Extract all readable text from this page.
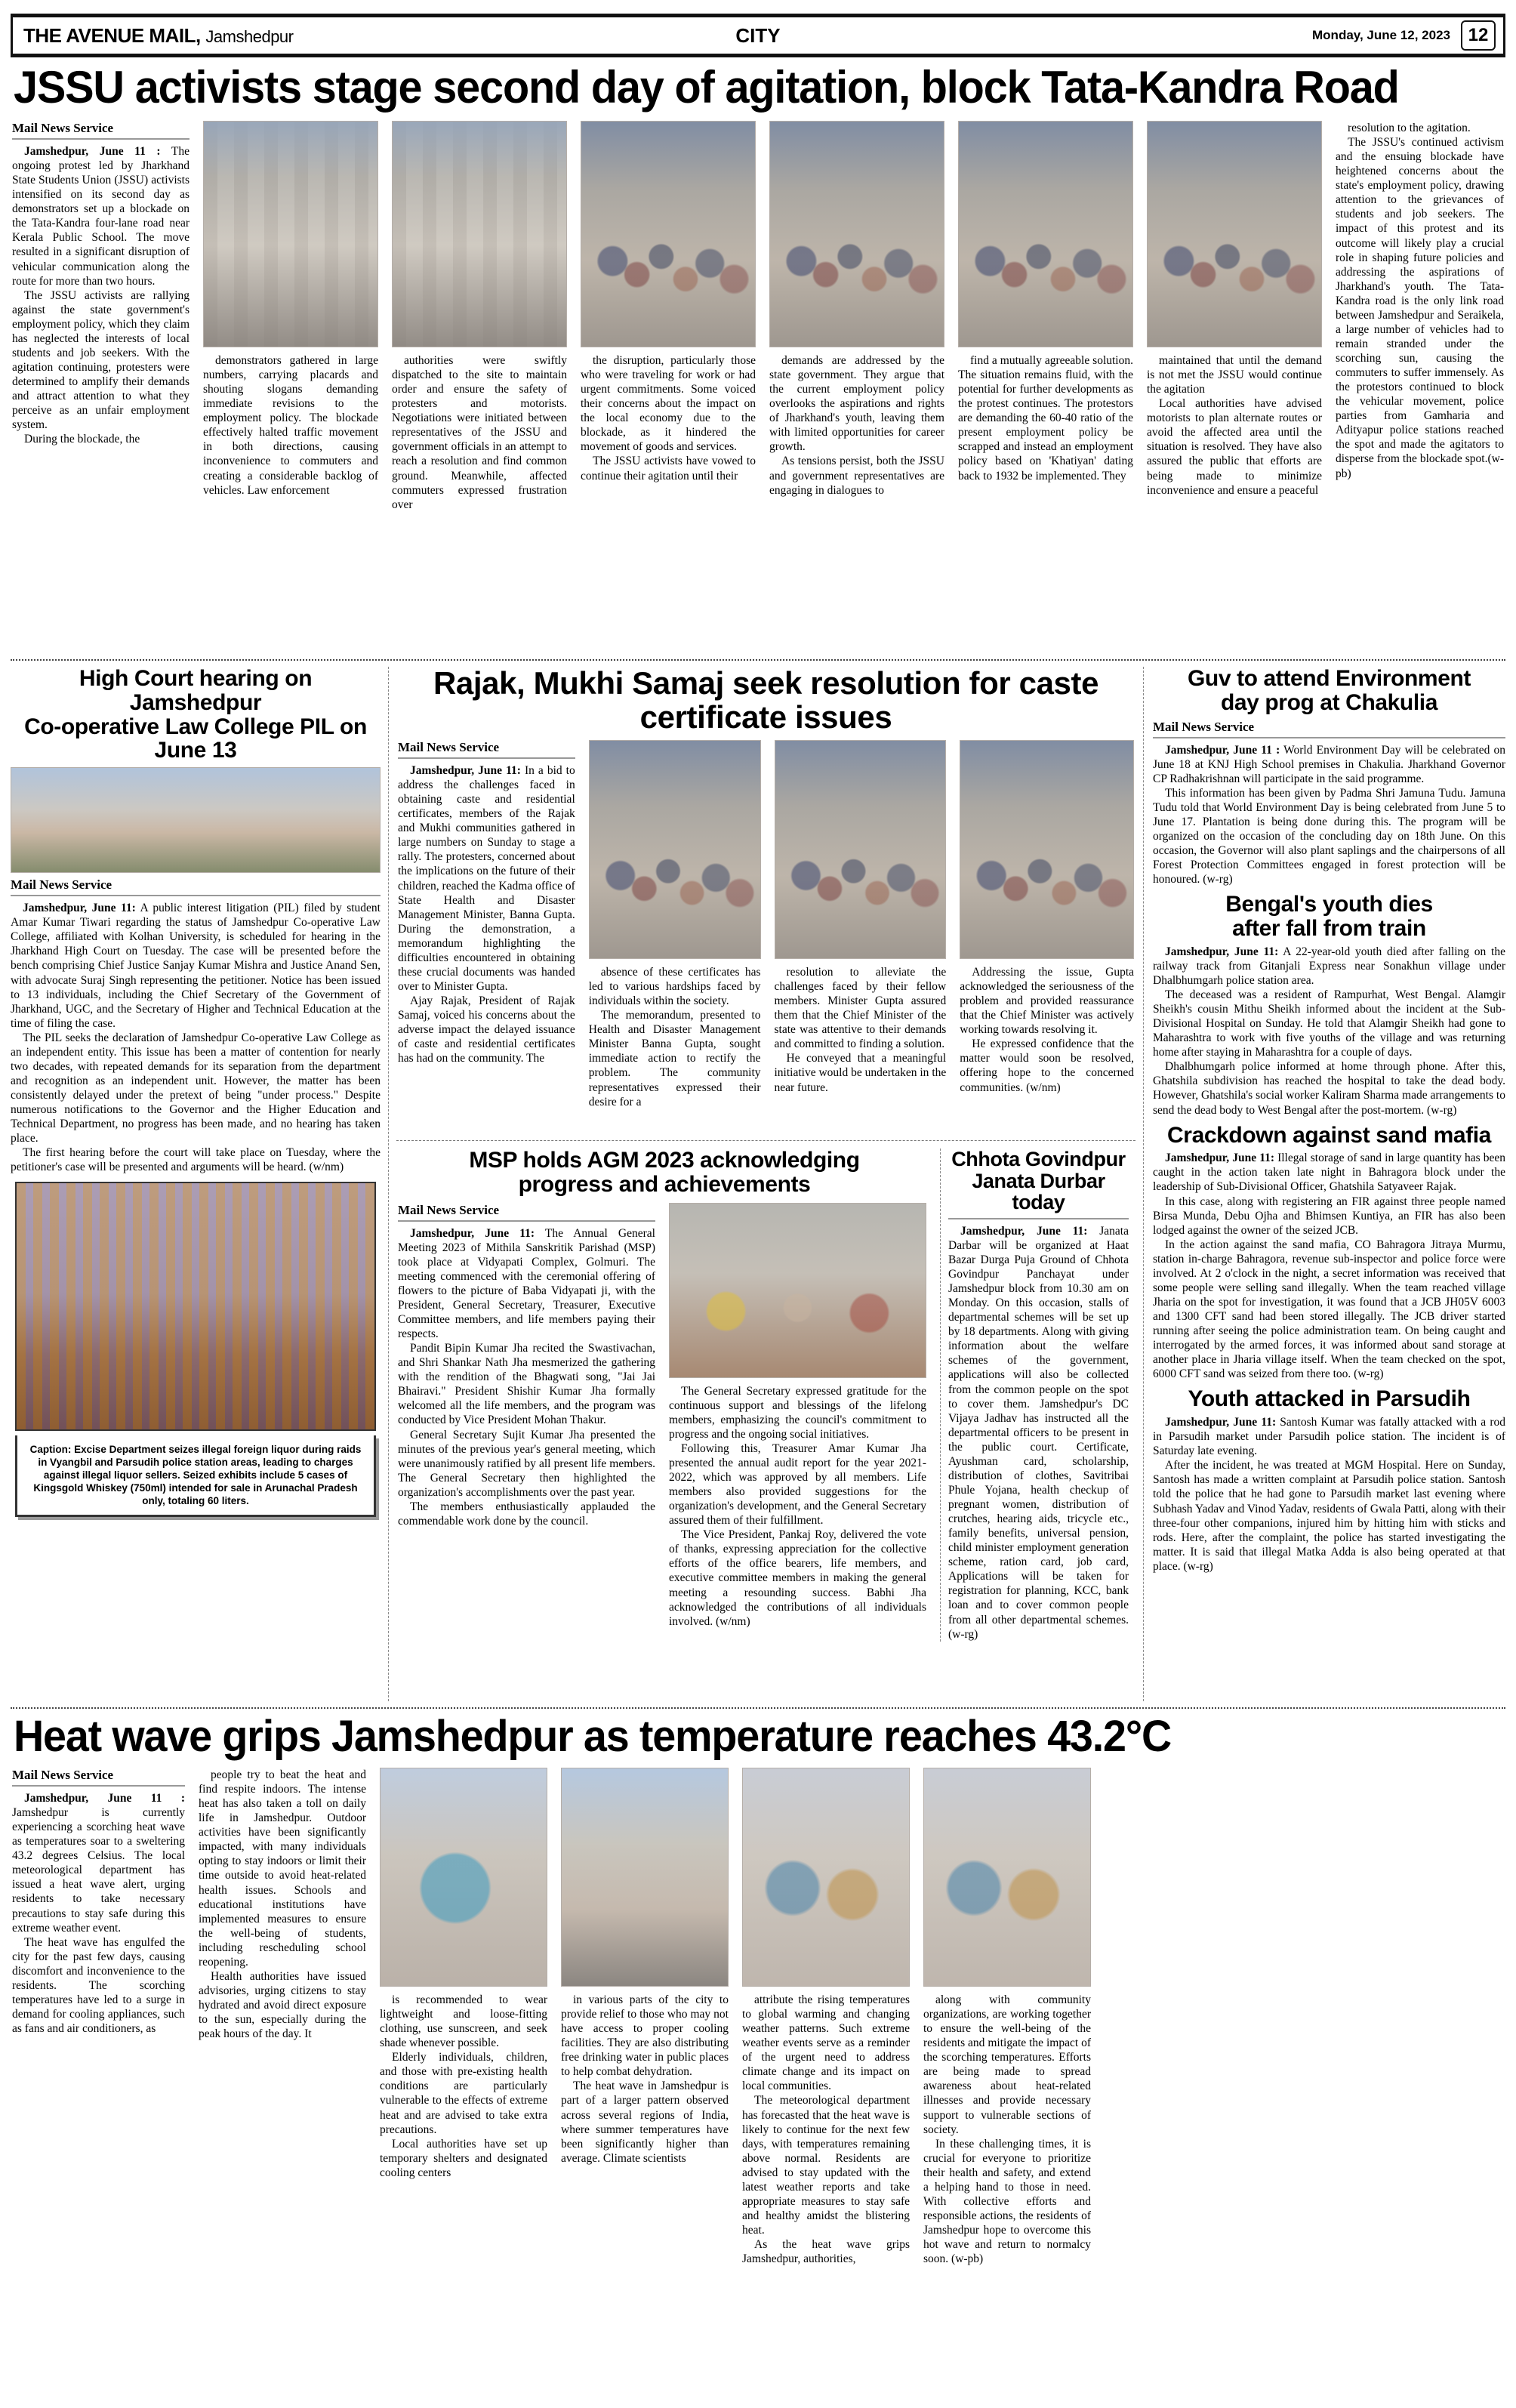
THE AVENUE MAIL, Jamshedpur	CITY	Monday, June 12, 2023 12
JSSU activists stage second day of agitation, block Tata-Kandra Road
Mail News Service

Jamshedpur, June 11 : The ongoing protest led by Jharkhand State Students Union (JSSU) activists intensified on its second day as demonstrators set up a blockade on the Tata-Kandra four-lane road near Kerala Public School. The move resulted in a significant disruption of vehicular communication along the route for more than two hours.

The JSSU activists are rallying against the state government's employment policy, which they claim has neglected the interests of local students and job seekers. With the agitation continuing, protesters were determined to amplify their demands and attract attention to what they perceive as an unfair employment system.

During the blockade, the

demonstrators gathered in large numbers, carrying placards and shouting slogans demanding immediate revisions to the employment policy. The blockade effectively halted traffic movement in both directions, causing inconvenience to commuters and creating a considerable backlog of vehicles. Law enforcement

authorities were swiftly dispatched to the site to maintain order and ensure the safety of protesters and motorists. Negotiations were initiated between representatives of the JSSU and government officials in an attempt to reach a resolution and find common ground. Meanwhile, affected commuters expressed frustration over

the disruption, particularly those who were traveling for work or had urgent commitments. Some voiced their concerns about the impact on the local economy due to the blockade, as it hindered the movement of goods and services.

The JSSU activists have vowed to continue their agitation until their

demands are addressed by the state government. They argue that the current employment policy overlooks the aspirations and rights of Jharkhand's youth, leaving them with limited opportunities for career growth.

As tensions persist, both the JSSU and government representatives are engaging in dialogues to

find a mutually agreeable solution. The situation remains fluid, with the potential for further developments as the protest continues. The protestors are demanding the 60-40 ratio of the present employment policy be scrapped and instead an employment policy based on 'Khatiyan' dating back to 1932 be implemented. They

maintained that until the demand is not met the JSSU would continue the agitation

Local authorities have advised motorists to plan alternate routes or avoid the affected area until the situation is resolved. They have also assured the public that efforts are being made to minimize inconvenience and ensure a peaceful

resolution to the agitation.

The JSSU's continued activism and the ensuing blockade have heightened concerns about the state's employment policy, drawing attention to the grievances of students and job seekers. The impact of this protest and its outcome will likely play a crucial role in shaping future policies and addressing the aspirations of Jharkhand's youth. The Tata-Kandra road is the only link road between Jamshedpur and Seraikela, a large number of vehicles had to remain stranded under the scorching sun, causing the commuters to suffer immensely. As the protestors continued to block the vehicular movement, police parties from Gamharia and Adityapur police stations reached the spot and made the agitators to disperse from the blockade spot.(w-pb)

High Court hearing on Jamshedpur
Co-operative Law College PIL on June 13
Mail News Service

Jamshedpur, June 11: A public interest litigation (PIL) filed by student Amar Kumar Tiwari regarding the status of Jamshedpur Co-operative Law College, affiliated with Kolhan University, is scheduled for hearing in the Jharkhand High Court on Tuesday. The case will be presented before the bench comprising Chief Justice Sanjay Kumar Mishra and Justice Anand Sen, with advocate Suraj Singh representing the petitioner. Notice has been issued to 13 individuals, including the Chief Secretary of the Government of Jharkhand, UGC, and the Secretary of Higher and Technical Education at the time of filing the case.

The PIL seeks the declaration of Jamshedpur Co-operative Law College as an independent entity. This issue has been a matter of contention for nearly two decades, with repeated demands for its separation from the department and recognition as an independent unit. However, the matter has been consistently delayed under the pretext of being "under process." Despite numerous notifications to the Governor and the Higher Education and Technical Department, no progress has been made, and no hearing has taken place.

The first hearing before the court will take place on Tuesday, where the petitioner's case will be presented and arguments will be heard. (w/nm)

Caption: Excise Department seizes illegal foreign liquor during raids in Vyangbil and Parsudih police station areas, leading to charges against illegal liquor sellers. Seized exhibits include 5 cases of Kingsgold Whiskey (750ml) intended for sale in Arunachal Pradesh only, totaling 60 liters.
Rajak, Mukhi Samaj seek resolution for caste certificate issues
Mail News Service

Jamshedpur, June 11: In a bid to address the challenges faced in obtaining caste and residential certificates, members of the Rajak and Mukhi communities gathered in large numbers on Sunday to stage a rally. The protesters, concerned about the implications on the future of their children, reached the Kadma office of State Health and Disaster Management Minister, Banna Gupta. During the demonstration, a memorandum highlighting the difficulties encountered in obtaining these crucial documents was handed over to Minister Gupta.

Ajay Rajak, President of Rajak Samaj, voiced his concerns about the adverse impact the delayed issuance of caste and residential certificates has had on the community. The

absence of these certificates has led to various hardships faced by individuals within the society.

The memorandum, presented to Health and Disaster Management Minister Banna Gupta, sought immediate action to rectify the problem. The community representatives expressed their desire for a

resolution to alleviate the challenges faced by their fellow members. Minister Gupta assured them that the Chief Minister of the state was attentive to their demands and committed to finding a solution.

He conveyed that a meaningful initiative would be undertaken in the near future.

Addressing the issue, Gupta acknowledged the seriousness of the problem and provided reassurance that the Chief Minister was actively working towards resolving it.

He expressed confidence that the matter would soon be resolved, offering hope to the concerned communities. (w/nm)

MSP holds AGM 2023 acknowledging
progress and achievements
Mail News Service

Jamshedpur, June 11: The Annual General Meeting 2023 of Mithila Sanskritik Parishad (MSP) took place at Vidyapati Complex, Golmuri. The meeting commenced with the ceremonial offering of flowers to the picture of Baba Vidyapati ji, with the President, General Secretary, Treasurer, Executive Committee members, and life members paying their respects.

Pandit Bipin Kumar Jha recited the Swastivachan, and Shri Shankar Nath Jha mesmerized the gathering with the rendition of the Bhagwati song, "Jai Jai Bhairavi." President Shishir Kumar Jha formally welcomed all the life members, and the program was conducted by Vice President Mohan Thakur.

General Secretary Sujit Kumar Jha presented the minutes of the previous year's general meeting, which were unanimously ratified by all present life members. The General Secretary then highlighted the organization's accomplishments over the past year.

The members enthusiastically applauded the commendable work done by the council.

The General Secretary expressed gratitude for the continuous support and blessings of the lifelong members, emphasizing the council's commitment to progress and the ongoing social initiatives.

Following this, Treasurer Amar Kumar Jha presented the annual audit report for the year 2021-2022, which was approved by all members. Life members also provided suggestions for the organization's development, and the General Secretary assured them of their fulfillment.

The Vice President, Pankaj Roy, delivered the vote of thanks, expressing appreciation for the collective efforts of the office bearers, life members, and executive committee members in making the general meeting a resounding success. Babhi Jha acknowledged the contributions of all individuals involved. (w/nm)

Chhota Govindpur
Janata Durbar today

Jamshedpur, June 11: Janata Darbar will be organized at Haat Bazar Durga Puja Ground of Chhota Govindpur Panchayat under Jamshedpur block from 10.30 am on Monday. On this occasion, stalls of departmental schemes will be set up by 18 departments. Along with giving information about the welfare schemes of the government, applications will also be collected from the common people on the spot to cover them. Jamshedpur's DC Vijaya Jadhav has instructed all the departmental officers to be present in the public court. Certificate, Ayushman card, scholarship, distribution of clothes, Savitribai Phule Yojana, health checkup of pregnant women, distribution of crutches, hearing aids, tricycle etc., family benefits, universal pension, child minister employment generation scheme, ration card, job card, Applications will be taken for registration for planning, KCC, bank loan and to cover common people from all other departmental schemes.(w-rg)

Guv to attend Environment
day prog at Chakulia
Mail News Service

Jamshedpur, June 11 : World Environment Day will be celebrated on June 18 at KNJ High School premises in Chakulia. Jharkhand Governor CP Radhakrishnan will participate in the said programme.

This information has been given by Padma Shri Jamuna Tudu. Jamuna Tudu told that World Environment Day is being celebrated from June 5 to June 17. Plantation is being done during this. The program will be organized on the occasion of the concluding day on 18th June. On this occasion, the Governor will also plant saplings and the chairpersons of all Forest Protection Committees engaged in forest protection will be honoured. (w-rg)

Bengal's youth dies
after fall from train

Jamshedpur, June 11: A 22-year-old youth died after falling on the railway track from Gitanjali Express near Sonakhun village under Dhalbhumgarh police station area.

The deceased was a resident of Rampurhat, West Bengal. Alamgir Sheikh's cousin Mithu Sheikh informed about the incident at the Sub-Divisional Hospital on Sunday. He told that Alamgir Sheikh had gone to Maharashtra to work with five youths of the village and was returning home after staying in Maharashtra for a couple of days.

Dhalbhumgarh police informed at home through phone. After this, Ghatshila subdivision has reached the hospital to take the dead body. However, Ghatshila's social worker Kaliram Sharma made arrangements to send the dead body to West Bengal after the post-mortem. (w-rg)

Crackdown against sand mafia

Jamshedpur, June 11: Illegal storage of sand in large quantity has been caught in the action taken late night in Bahragora block under the leadership of Sub-Divisional Officer, Ghatshila Satyaveer Rajak.

In this case, along with registering an FIR against three people named Birsa Munda, Debu Ojha and Bhimsen Kuntiya, an FIR has also been lodged against the owner of the seized JCB.

In the action against the sand mafia, CO Bahragora Jitraya Murmu, station in-charge Bahragora, revenue sub-inspector and police force were involved. At 2 o'clock in the night, a secret information was received that some people were selling sand illegally. When the team reached village Jharia on the spot for investigation, it was found that a JCB JH05V 6003 and 1300 CFT sand had been stored illegally. The JCB driver started running after seeing the police administration team. On being caught and interrogated by the armed forces, it was informed about sand storage at another place in Jharia village itself. When the team checked on the spot, 6000 CFT sand was seized from there too. (w-rg)

Youth attacked in Parsudih

Jamshedpur, June 11: Santosh Kumar was fatally attacked with a rod in Parsudih market under Parsudih police station. The incident is of Saturday late evening.

After the incident, he was treated at MGM Hospital. Here on Sunday, Santosh has made a written complaint at Parsudih police station. Santosh told the police that he had gone to Parsudih market last evening where Subhash Yadav and Vinod Yadav, residents of Gwala Patti, along with their three-four other companions, injured him by hitting him with sticks and rods. Here, after the complaint, the police has started investigating the matter. It is said that illegal Matka Adda is also being operated at that place. (w-rg)

Heat wave grips Jamshedpur as temperature reaches 43.2°C
Mail News Service

Jamshedpur, June 11 : Jamshedpur is currently experiencing a scorching heat wave as temperatures soar to a sweltering 43.2 degrees Celsius. The local meteorological department has issued a heat wave alert, urging residents to take necessary precautions to stay safe during this extreme weather event.

The heat wave has engulfed the city for the past few days, causing discomfort and inconvenience to the residents. The scorching temperatures have led to a surge in demand for cooling appliances, such as fans and air conditioners, as

people try to beat the heat and find respite indoors. The intense heat has also taken a toll on daily life in Jamshedpur. Outdoor activities have been significantly impacted, with many individuals opting to stay indoors or limit their time outside to avoid heat-related health issues. Schools and educational institutions have implemented measures to ensure the well-being of students, including rescheduling school reopening.

Health authorities have issued advisories, urging citizens to stay hydrated and avoid direct exposure to the sun, especially during the peak hours of the day. It

is recommended to wear lightweight and loose-fitting clothing, use sunscreen, and seek shade whenever possible.

Elderly individuals, children, and those with pre-existing health conditions are particularly vulnerable to the effects of extreme heat and are advised to take extra precautions.

Local authorities have set up temporary shelters and designated cooling centers

in various parts of the city to provide relief to those who may not have access to proper cooling facilities. They are also distributing free drinking water in public places to help combat dehydration.

The heat wave in Jamshedpur is part of a larger pattern observed across several regions of India, where summer temperatures have been significantly higher than average. Climate scientists

attribute the rising temperatures to global warming and changing weather patterns. Such extreme weather events serve as a reminder of the urgent need to address climate change and its impact on local communities.

The meteorological department has forecasted that the heat wave is likely to continue for the next few days, with temperatures remaining above normal. Residents are advised to stay updated with the latest weather reports and take appropriate measures to stay safe and healthy amidst the blistering heat.

As the heat wave grips Jamshedpur, authorities,

along with community organizations, are working together to ensure the well-being of the residents and mitigate the impact of the scorching temperatures. Efforts are being made to spread awareness about heat-related illnesses and provide necessary support to vulnerable sections of society.

In these challenging times, it is crucial for everyone to prioritize their health and safety, and extend a helping hand to those in need. With collective efforts and responsible actions, the residents of Jamshedpur hope to overcome this hot wave and return to normalcy soon. (w-pb)
